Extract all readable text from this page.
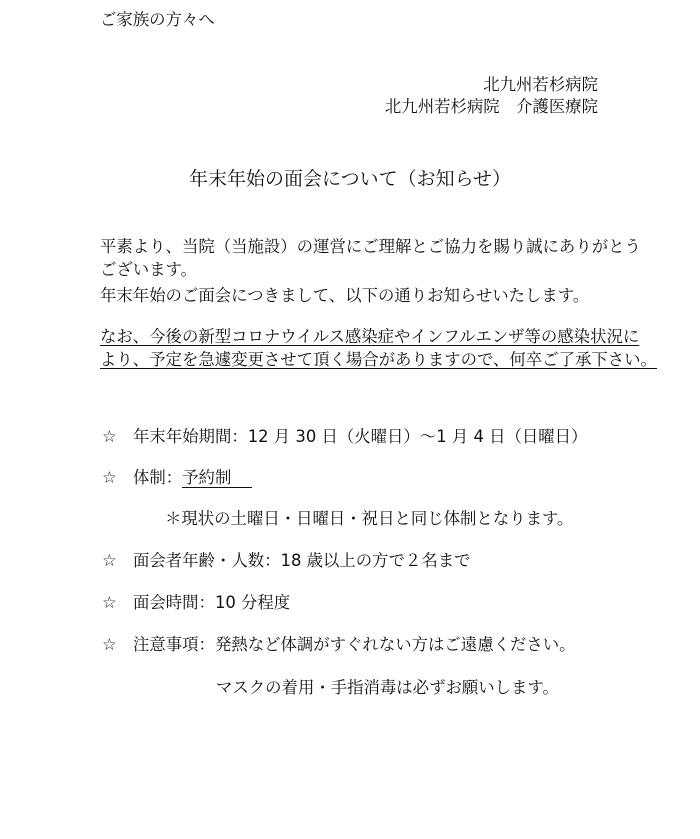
ご家族の方々へ
北九州若杉病院
北九州若杉病院　介護医療院
年末年始の面会について（お知らせ）
平素より、当院（当施設）の運営にご理解とご協力を賜り誠にありがとう
ございます。
年末年始のご面会につきまして、以下の通りお知らせいたします。
なお、今後の新型コロナウイルス感染症やインフルエンザ等の感染状況に
より、予定を急遽変更させて頂く場合がありますので、何卒ご了承下さい。
☆ 年末年始期間：12 月 30 日（火曜日）～1 月 4 日（日曜日）
☆ 体制：予約制
＊現状の土曜日・日曜日・祝日と同じ体制となります。
☆ 面会者年齢・人数：18 歳以上の方で２名まで
☆ 面会時間：10 分程度
☆ 注意事項：発熱など体調がすぐれない方はご遠慮ください。
マスクの着用・手指消毒は必ずお願いします。
